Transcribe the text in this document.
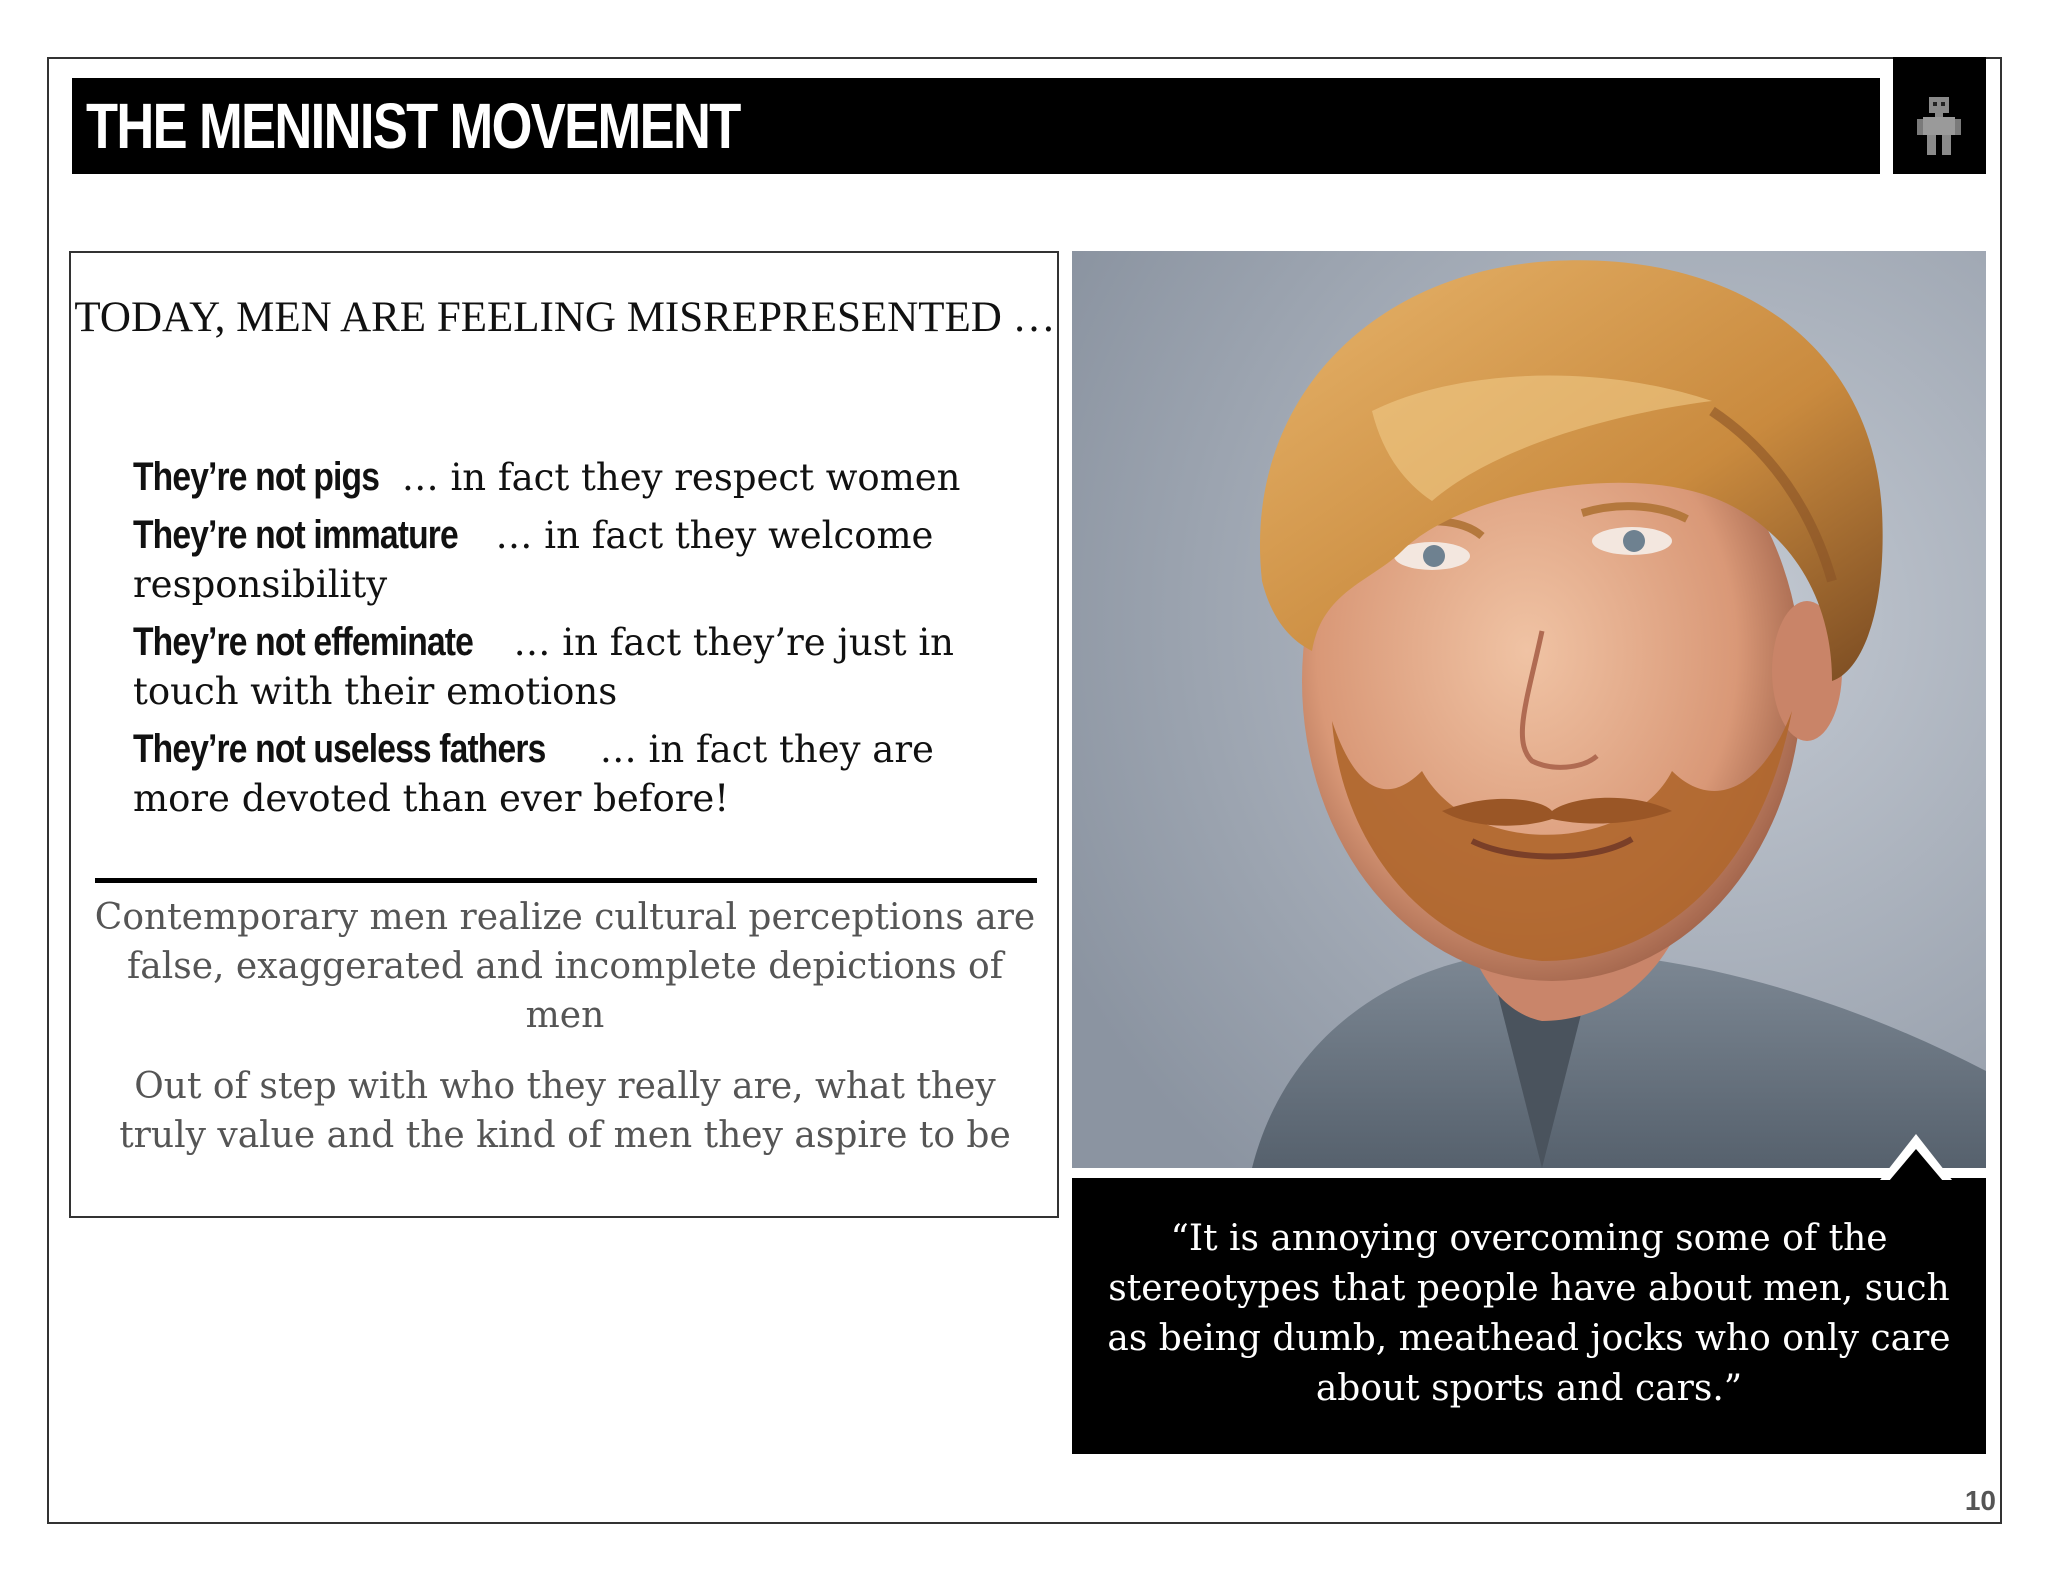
THE MENINIST MOVEMENT
TODAY, MEN ARE FEELING MISREPRESENTED …
They’re not pigs … in fact they respect women
They’re not immature … in fact they welcome responsibility
They’re not effeminate … in fact they’re just in touch with their emotions
They’re not useless fathers … in fact they are more devoted than ever before!

Contemporary men realize cultural perceptions are false, exaggerated and incomplete depictions of men

Out of step with who they really are, what they truly value and the kind of men they aspire to be

“It is annoying overcoming some of the stereotypes that people have about men, such as being dumb, meathead jocks who only care about sports and cars.”
10
